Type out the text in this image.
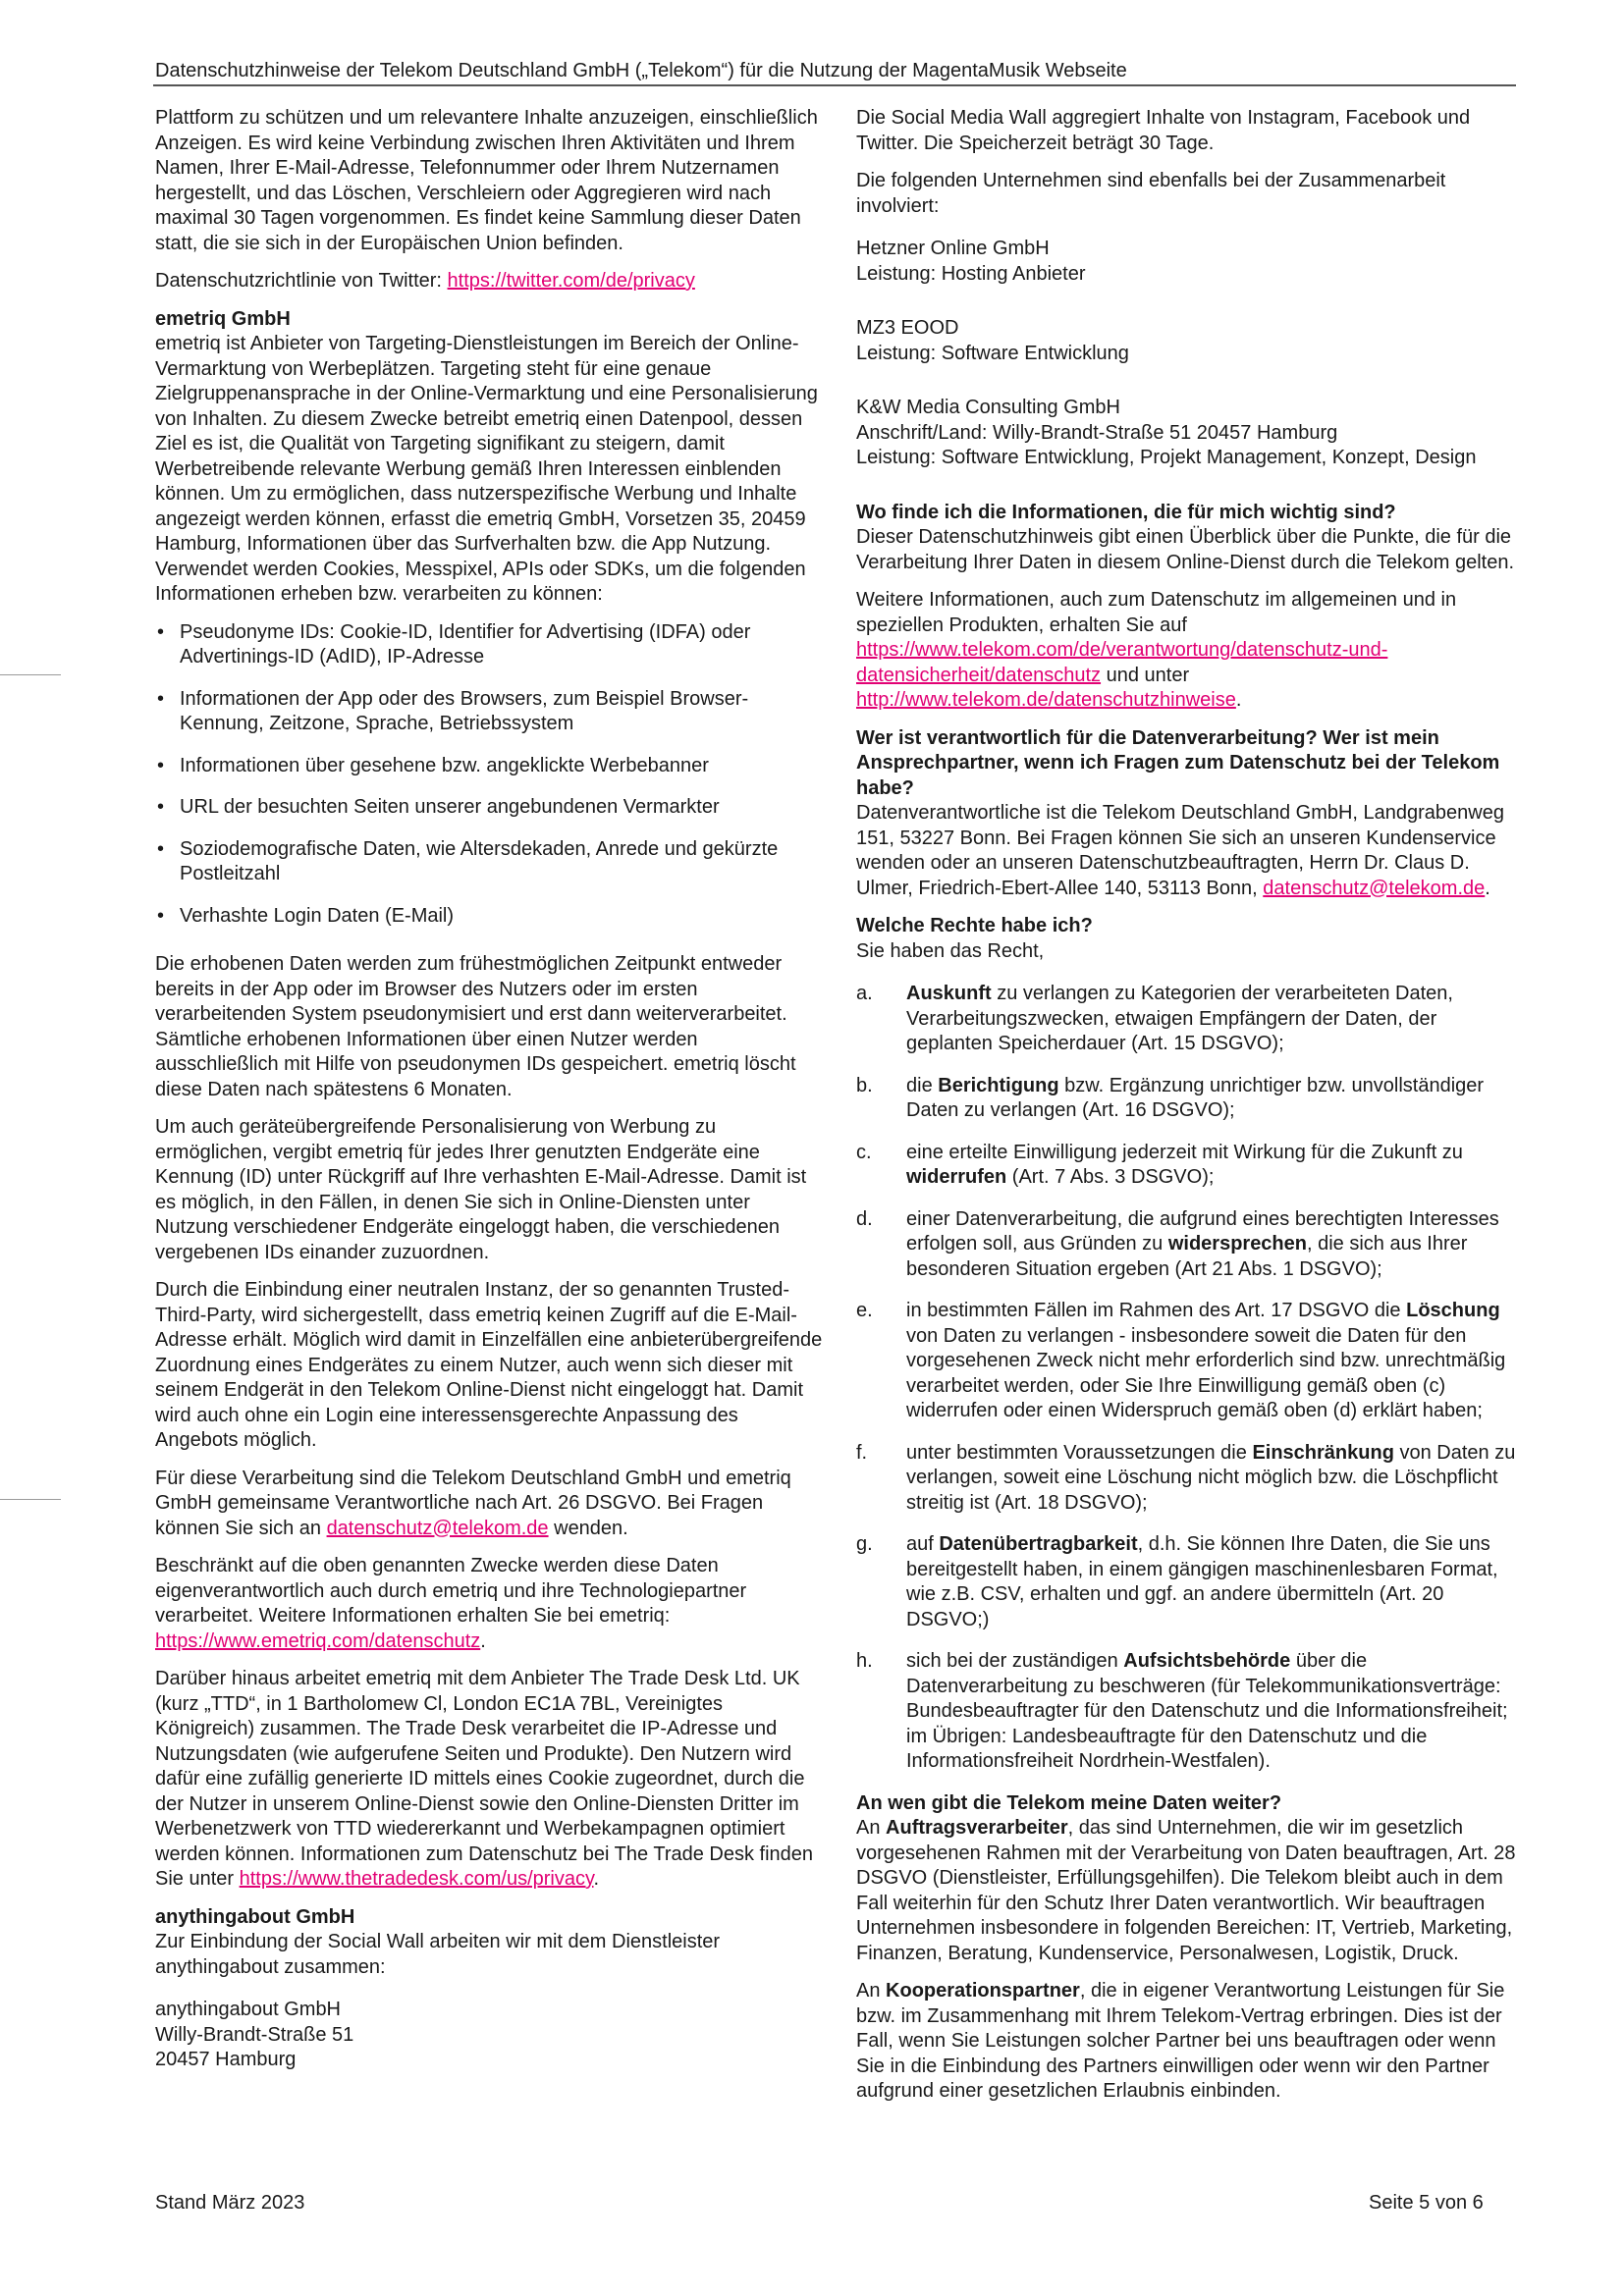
Datenschutzhinweise der Telekom Deutschland GmbH („Telekom“) für die Nutzung der MagentaMusik Webseite

Plattform zu schützen und um relevantere Inhalte anzuzeigen, einschließlich Anzeigen. Es wird keine Verbindung zwischen Ihren Aktivitäten und Ihrem Namen, Ihrer E-Mail-Adresse, Telefonnummer oder Ihrem Nutzernamen hergestellt, und das Löschen, Verschleiern oder Aggregieren wird nach maximal 30 Tagen vorgenommen. Es findet keine Sammlung dieser Daten statt, die sie sich in der Europäischen Union befinden.

Datenschutzrichtlinie von Twitter: https://twitter.com/de/privacy

emetriq GmbH

emetriq ist Anbieter von Targeting-Dienstleistungen im Bereich der Online-Vermarktung von Werbeplätzen. Targeting steht für eine genaue Zielgruppenansprache in der Online-Vermarktung und eine Personalisierung von Inhalten. Zu diesem Zwecke betreibt emetriq einen Datenpool, dessen Ziel es ist, die Qualität von Targeting signifikant zu steigern, damit Werbetreibende relevante Werbung gemäß Ihren Interessen einblenden können. Um zu ermöglichen, dass nutzerspezifische Werbung und Inhalte angezeigt werden können, erfasst die emetriq GmbH, Vorsetzen 35, 20459 Hamburg, Informationen über das Surfverhalten bzw. die App Nutzung. Verwendet werden Cookies, Messpixel, APIs oder SDKs, um die folgenden Informationen erheben bzw. verarbeiten zu können:

• Pseudonyme IDs: Cookie-ID, Identifier for Advertising (IDFA) oder Advertinings-ID (AdID), IP-Adresse
• Informationen der App oder des Browsers, zum Beispiel Browser-Kennung, Zeitzone, Sprache, Betriebssystem
• Informationen über gesehene bzw. angeklickte Werbebanner
• URL der besuchten Seiten unserer angebundenen Vermarkter
• Soziodemografische Daten, wie Altersdekaden, Anrede und gekürzte Postleitzahl
• Verhashte Login Daten (E-Mail)

Die erhobenen Daten werden zum frühestmöglichen Zeitpunkt entweder bereits in der App oder im Browser des Nutzers oder im ersten verarbeitenden System pseudonymisiert und erst dann weiterverarbeitet. Sämtliche erhobenen Informationen über einen Nutzer werden ausschließlich mit Hilfe von pseudonymen IDs gespeichert. emetriq löscht diese Daten nach spätestens 6 Monaten.

Um auch geräteübergreifende Personalisierung von Werbung zu ermöglichen, vergibt emetriq für jedes Ihrer genutzten Endgeräte eine Kennung (ID) unter Rückgriff auf Ihre verhashten E-Mail-Adresse. Damit ist es möglich, in den Fällen, in denen Sie sich in Online-Diensten unter Nutzung verschiedener Endgeräte eingeloggt haben, die verschiedenen vergebenen IDs einander zuzuordnen.

Durch die Einbindung einer neutralen Instanz, der so genannten Trusted-Third-Party, wird sichergestellt, dass emetriq keinen Zugriff auf die E-Mail-Adresse erhält. Möglich wird damit in Einzelfällen eine anbieterübergreifende Zuordnung eines Endgerätes zu einem Nutzer, auch wenn sich dieser mit seinem Endgerät in den Telekom Online-Dienst nicht eingeloggt hat. Damit wird auch ohne ein Login eine interessensgerechte Anpassung des Angebots möglich.

Für diese Verarbeitung sind die Telekom Deutschland GmbH und emetriq GmbH gemeinsame Verantwortliche nach Art. 26 DSGVO. Bei Fragen können Sie sich an datenschutz@telekom.de wenden.

Beschränkt auf die oben genannten Zwecke werden diese Daten eigenverantwortlich auch durch emetriq und ihre Technologiepartner verarbeitet. Weitere Informationen erhalten Sie bei emetriq: https://www.emetriq.com/datenschutz.

Darüber hinaus arbeitet emetriq mit dem Anbieter The Trade Desk Ltd. UK (kurz „TTD“, in 1 Bartholomew Cl, London EC1A 7BL, Vereinigtes Königreich) zusammen. The Trade Desk verarbeitet die IP-Adresse und Nutzungsdaten (wie aufgerufene Seiten und Produkte). Den Nutzern wird dafür eine zufällig generierte ID mittels eines Cookie zugeordnet, durch die der Nutzer in unserem Online-Dienst sowie den Online-Diensten Dritter im Werbenetzwerk von TTD wiedererkannt und Werbekampagnen optimiert werden können. Informationen zum Datenschutz bei The Trade Desk finden Sie unter https://www.thetradedesk.com/us/privacy.

anythingabout GmbH

Zur Einbindung der Social Wall arbeiten wir mit dem Dienstleister anythingabout zusammen:

anythingabout GmbH
Willy-Brandt-Straße 51
20457 Hamburg

Die Social Media Wall aggregiert Inhalte von Instagram, Facebook und Twitter. Die Speicherzeit beträgt 30 Tage.

Die folgenden Unternehmen sind ebenfalls bei der Zusammenarbeit involviert:

Hetzner Online GmbH
Leistung: Hosting Anbieter
MZ3 EOOD
Leistung: Software Entwicklung
K&W Media Consulting GmbH
Anschrift/Land: Willy-Brandt-Straße 51 20457 Hamburg
Leistung: Software Entwicklung, Projekt Management, Konzept, Design
Wo finde ich die Informationen, die für mich wichtig sind?

Dieser Datenschutzhinweis gibt einen Überblick über die Punkte, die für die Verarbeitung Ihrer Daten in diesem Online-Dienst durch die Telekom gelten.

Weitere Informationen, auch zum Datenschutz im allgemeinen und in speziellen Produkten, erhalten Sie auf https://www.telekom.com/de/verantwortung/datenschutz-und-datensicherheit/datenschutz und unter http://www.telekom.de/datenschutzhinweise.

Wer ist verantwortlich für die Datenverarbeitung? Wer ist mein Ansprechpartner, wenn ich Fragen zum Datenschutz bei der Telekom habe?

Datenverantwortliche ist die Telekom Deutschland GmbH, Landgrabenweg 151, 53227 Bonn. Bei Fragen können Sie sich an unseren Kundenservice wenden oder an unseren Datenschutzbeauftragten, Herrn Dr. Claus D. Ulmer, Friedrich-Ebert-Allee 140, 53113 Bonn, datenschutz@telekom.de.

Welche Rechte habe ich?

Sie haben das Recht,

a. Auskunft zu verlangen zu Kategorien der verarbeiteten Daten, Verarbeitungszwecken, etwaigen Empfängern der Daten, der geplanten Speicherdauer (Art. 15 DSGVO);
b. die Berichtigung bzw. Ergänzung unrichtiger bzw. unvollständiger Daten zu verlangen (Art. 16 DSGVO);
c. eine erteilte Einwilligung jederzeit mit Wirkung für die Zukunft zu widerrufen (Art. 7 Abs. 3 DSGVO);
d. einer Datenverarbeitung, die aufgrund eines berechtigten Interesses erfolgen soll, aus Gründen zu widersprechen, die sich aus Ihrer besonderen Situation ergeben (Art 21 Abs. 1 DSGVO);
e. in bestimmten Fällen im Rahmen des Art. 17 DSGVO die Löschung von Daten zu verlangen - insbesondere soweit die Daten für den vorgesehenen Zweck nicht mehr erforderlich sind bzw. unrechtmäßig verarbeitet werden, oder Sie Ihre Einwilligung gemäß oben (c) widerrufen oder einen Widerspruch gemäß oben (d) erklärt haben;
f. unter bestimmten Voraussetzungen die Einschränkung von Daten zu verlangen, soweit eine Löschung nicht möglich bzw. die Löschpflicht streitig ist (Art. 18 DSGVO);
g. auf Datenübertragbarkeit, d.h. Sie können Ihre Daten, die Sie uns bereitgestellt haben, in einem gängigen maschinenlesbaren Format, wie z.B. CSV, erhalten und ggf. an andere übermitteln (Art. 20 DSGVO;)
h. sich bei der zuständigen Aufsichtsbehörde über die Datenverarbeitung zu beschweren (für Telekommunikationsverträge: Bundesbeauftragter für den Datenschutz und die Informationsfreiheit; im Übrigen: Landesbeauftragte für den Datenschutz und die Informationsfreiheit Nordrhein-Westfalen).
An wen gibt die Telekom meine Daten weiter?

An Auftragsverarbeiter, das sind Unternehmen, die wir im gesetzlich vorgesehenen Rahmen mit der Verarbeitung von Daten beauftragen, Art. 28 DSGVO (Dienstleister, Erfüllungsgehilfen). Die Telekom bleibt auch in dem Fall weiterhin für den Schutz Ihrer Daten verantwortlich. Wir beauftragen Unternehmen insbesondere in folgenden Bereichen: IT, Vertrieb, Marketing, Finanzen, Beratung, Kundenservice, Personalwesen, Logistik, Druck.

An Kooperationspartner, die in eigener Verantwortung Leistungen für Sie bzw. im Zusammenhang mit Ihrem Telekom-Vertrag erbringen. Dies ist der Fall, wenn Sie Leistungen solcher Partner bei uns beauftragen oder wenn Sie in die Einbindung des Partners einwilligen oder wenn wir den Partner aufgrund einer gesetzlichen Erlaubnis einbinden.

Stand März 2023	Seite 5 von 6
